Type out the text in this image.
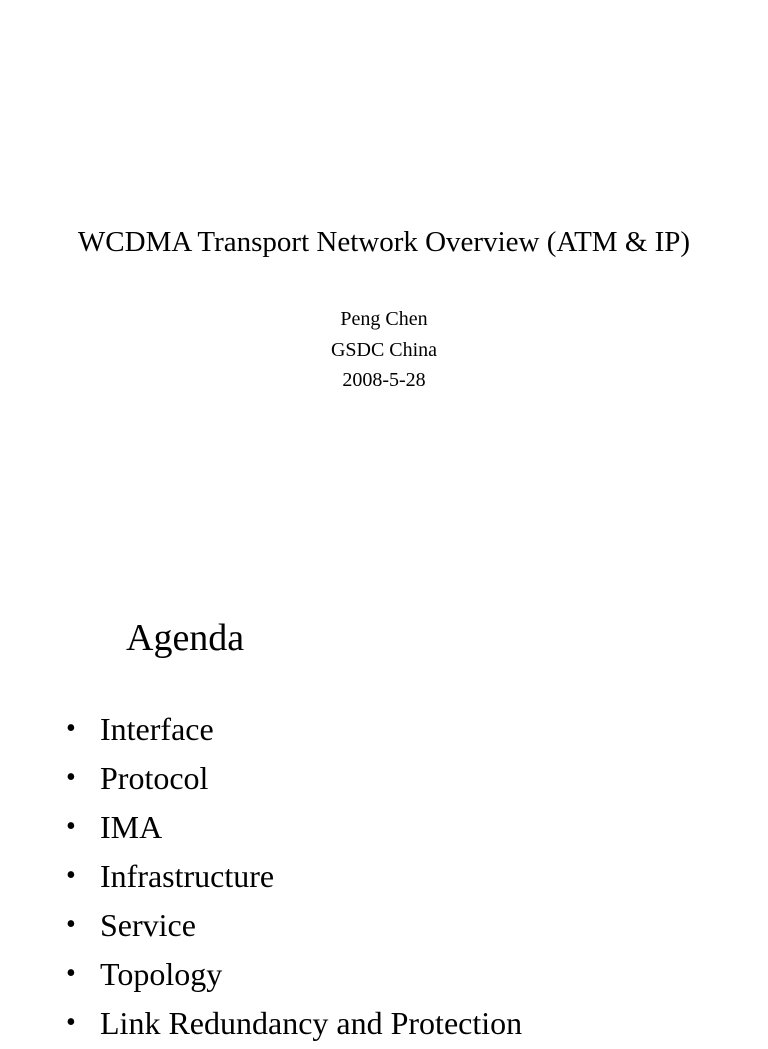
WCDMA Transport Network Overview (ATM & IP)
Peng Chen
GSDC China
2008-5-28
Agenda
• Interface
• Protocol
• IMA
• Infrastructure
• Service
• Topology
• Link Redundancy and Protection
